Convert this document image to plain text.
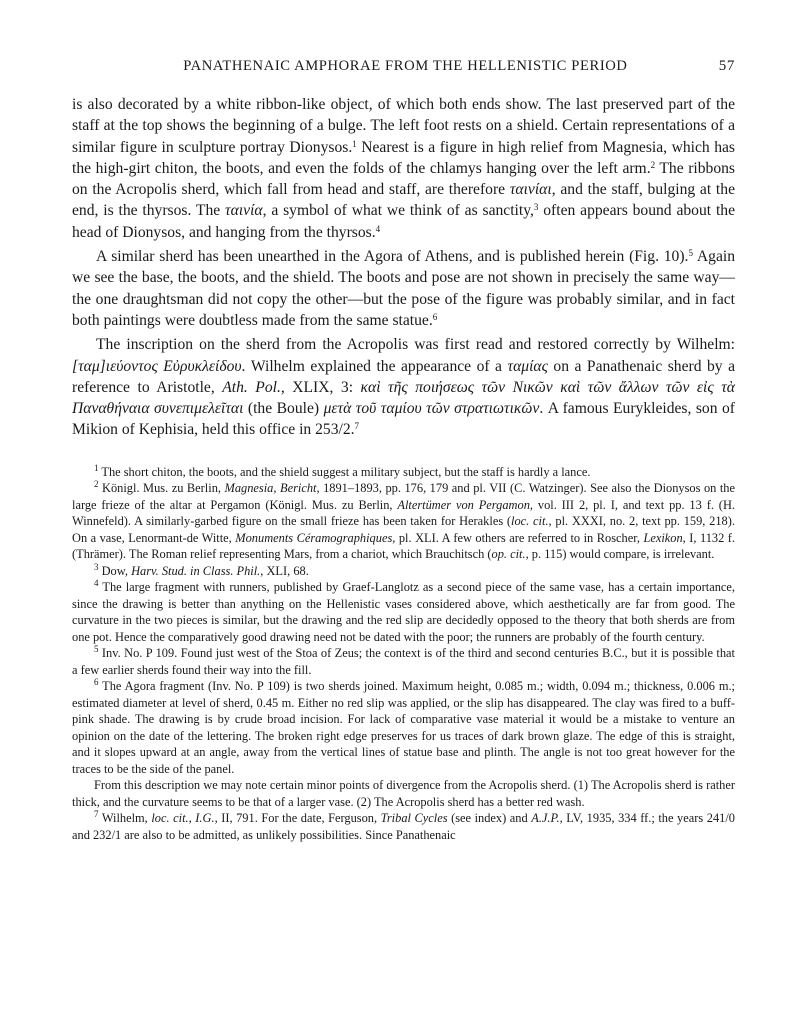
PANATHENAIC AMPHORAE FROM THE HELLENISTIC PERIOD	57

is also decorated by a white ribbon-like object, of which both ends show. The last preserved part of the staff at the top shows the beginning of a bulge. The left foot rests on a shield. Certain representations of a similar figure in sculpture portray Dionysos.$^1$ Nearest is a figure in high relief from Magnesia, which has the high-girt chiton, the boots, and even the folds of the chlamys hanging over the left arm.$^2$ The ribbons on the Acropolis sherd, which fall from head and staff, are therefore ταινίαι, and the staff, bulging at the end, is the thyrsos. The ταινία, a symbol of what we think of as sanctity,$^3$ often appears bound about the head of Dionysos, and hanging from the thyrsos.$^4$

A similar sherd has been unearthed in the Agora of Athens, and is published herein (Fig. 10).$^5$ Again we see the base, the boots, and the shield. The boots and pose are not shown in precisely the same way—the one draughtsman did not copy the other—but the pose of the figure was probably similar, and in fact both paintings were doubtless made from the same statue.$^6$

The inscription on the sherd from the Acropolis was first read and restored correctly by Wilhelm: [ταμ]ιεύοντος Εὐρυκλείδου. Wilhelm explained the appearance of a ταμίας on a Panathenaic sherd by a reference to Aristotle, Ath. Pol., XLIX, 3: καὶ τῆς ποιήσεως τῶν Νικῶν καὶ τῶν ἄλλων τῶν εἰς τὰ Παναθήναια συνεπιμελεῖται (the Boule) μετὰ τοῦ ταμίου τῶν στρατιωτικῶν. A famous Eurykleides, son of Mikion of Kephisia, held this office in 253/2.$^7$

$^1$ The short chiton, the boots, and the shield suggest a military subject, but the staff is hardly a lance.

$^2$ Königl. Mus. zu Berlin, Magnesia, Bericht, 1891–1893, pp. 176, 179 and pl. VII (C. Watzinger). See also the Dionysos on the large frieze of the altar at Pergamon (Königl. Mus. zu Berlin, Altertümer von Pergamon, vol. III 2, pl. I, and text pp. 13 f. (H. Winnefeld). A similarly-garbed figure on the small frieze has been taken for Herakles (loc. cit., pl. XXXI, no. 2, text pp. 159, 218). On a vase, Lenormant-de Witte, Monuments Céramographiques, pl. XLI. A few others are referred to in Roscher, Lexikon, I, 1132 f. (Thrämer). The Roman relief representing Mars, from a chariot, which Brauchitsch (op. cit., p. 115) would compare, is irrelevant.

$^3$ Dow, Harv. Stud. in Class. Phil., XLI, 68.

$^4$ The large fragment with runners, published by Graef-Langlotz as a second piece of the same vase, has a certain importance, since the drawing is better than anything on the Hellenistic vases considered above, which aesthetically are far from good. The curvature in the two pieces is similar, but the drawing and the red slip are decidedly opposed to the theory that both sherds are from one pot. Hence the comparatively good drawing need not be dated with the poor; the runners are probably of the fourth century.

$^5$ Inv. No. P 109. Found just west of the Stoa of Zeus; the context is of the third and second centuries B.C., but it is possible that a few earlier sherds found their way into the fill.

$^6$ The Agora fragment (Inv. No. P 109) is two sherds joined. Maximum height, 0.085 m.; width, 0.094 m.; thickness, 0.006 m.; estimated diameter at level of sherd, 0.45 m. Either no red slip was applied, or the slip has disappeared. The clay was fired to a buff-pink shade. The drawing is by crude broad incision. For lack of comparative vase material it would be a mistake to venture an opinion on the date of the lettering. The broken right edge preserves for us traces of dark brown glaze. The edge of this is straight, and it slopes upward at an angle, away from the vertical lines of statue base and plinth. The angle is not too great however for the traces to be the side of the panel.

From this description we may note certain minor points of divergence from the Acropolis sherd. (1) The Acropolis sherd is rather thick, and the curvature seems to be that of a larger vase. (2) The Acropolis sherd has a better red wash.

$^7$ Wilhelm, loc. cit., I.G., II, 791. For the date, Ferguson, Tribal Cycles (see index) and A.J.P., LV, 1935, 334 ff.; the years 241/0 and 232/1 are also to be admitted, as unlikely possibilities. Since Panathenaic
